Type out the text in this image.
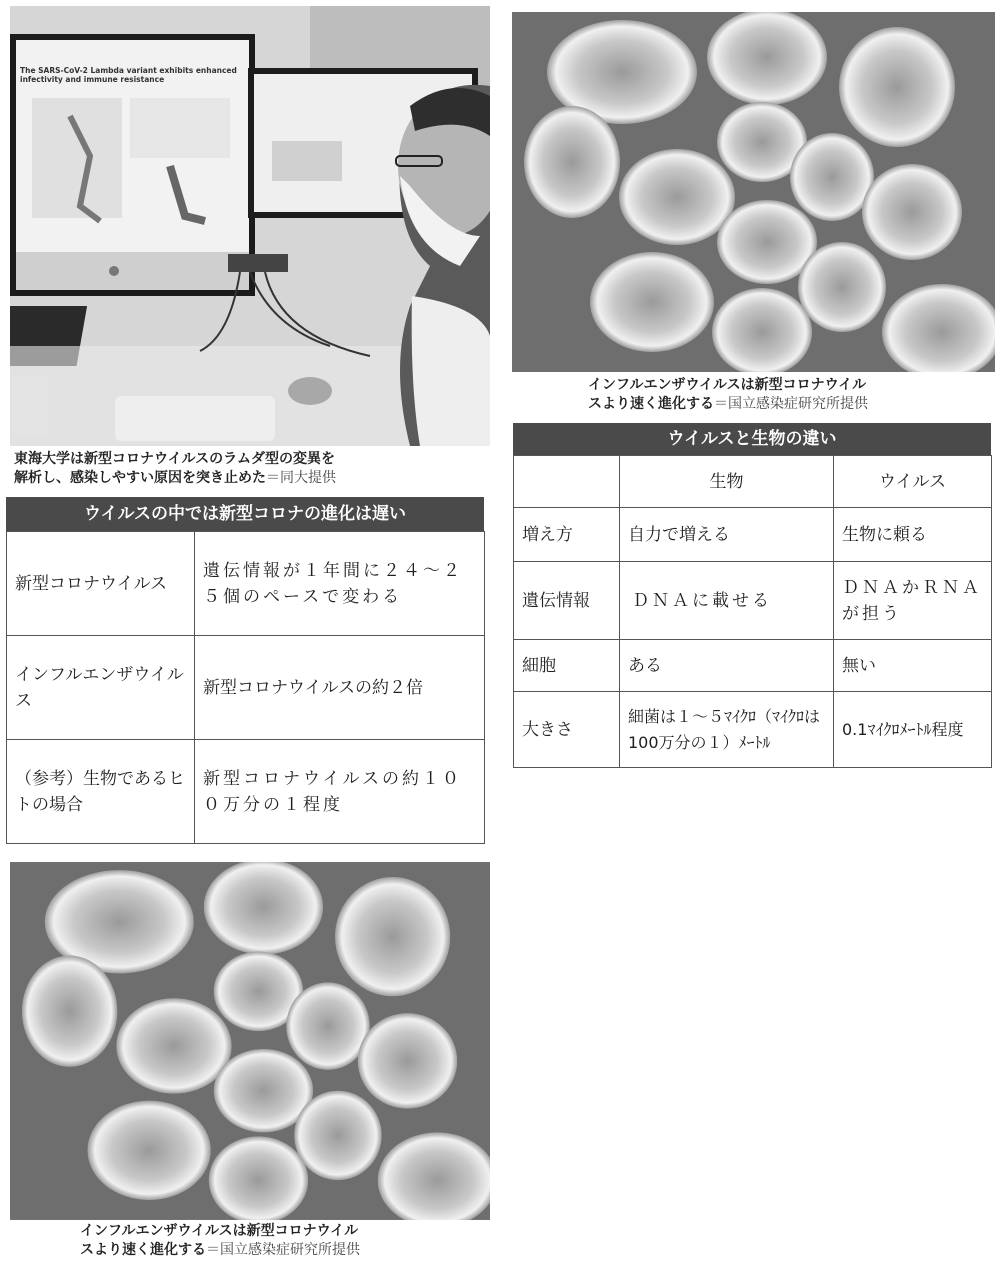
The SARS-CoV-2 Lambda variant exhibits enhanced infectivity and immune resistance

東海大学は新型コロナウイルスのラムダ型の変異を
解析し、感染しやすい原因を突き止めた＝同大提供

インフルエンザウイルスは新型コロナウイル
スより速く進化する＝国立感染症研究所提供

ウイルスの中では新型コロナの進化は遅い
新型コロナウイルス	遺伝情報が１年間に２４～２５個のペースで変わる
インフルエンザウイルス	新型コロナウイルスの約２倍
（参考）生物であるヒトの場合	新型コロナウイルスの約１００万分の１程度
ウイルスと生物の違い
	生物	ウイルス
増え方	自力で増える	生物に頼る
遺伝情報	ＤＮＡに載せる	ＤＮＡかＲＮＡが担う
細胞	ある	無い
大きさ	細菌は１～５ﾏｲｸﾛ（ﾏｲｸﾛは100万分の１）ﾒｰﾄﾙ	0.1ﾏｲｸﾛﾒｰﾄﾙ程度

インフルエンザウイルスは新型コロナウイル
スより速く進化する＝国立感染症研究所提供
